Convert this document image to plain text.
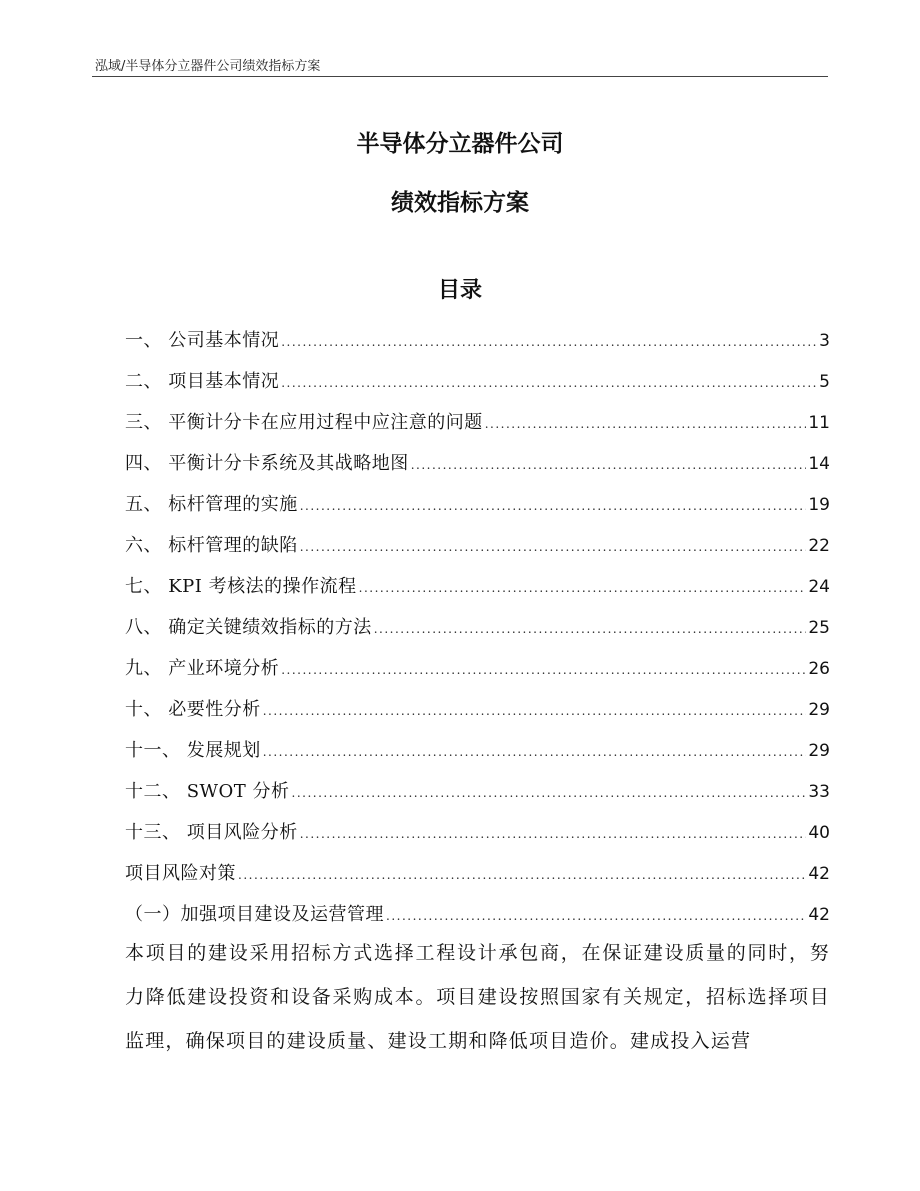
泓域/半导体分立器件公司绩效指标方案
半导体分立器件公司
绩效指标方案
目录
一、 公司基本情况 .....	3
二、 项目基本情况 .....	5
三、 平衡计分卡在应用过程中应注意的问题 .....	11
四、 平衡计分卡系统及其战略地图 .....	14
五、 标杆管理的实施 .....	19
六、 标杆管理的缺陷 .....	22
七、 KPI 考核法的操作流程 .....	24
八、 确定关键绩效指标的方法 .....	25
九、 产业环境分析 .....	26
十、 必要性分析 .....	29
十一、 发展规划 .....	29
十二、 SWOT 分析 .....	33
十三、 项目风险分析 .....	40
项目风险对策 .....	42
（一）加强项目建设及运营管理 .....	42

本项目的建设采用招标方式选择工程设计承包商，在保证建设质量的同时，努力降低建设投资和设备采购成本。项目建设按照国家有关规定，招标选择项目监理，确保项目的建设质量、建设工期和降低项目造价。建成投入运营
